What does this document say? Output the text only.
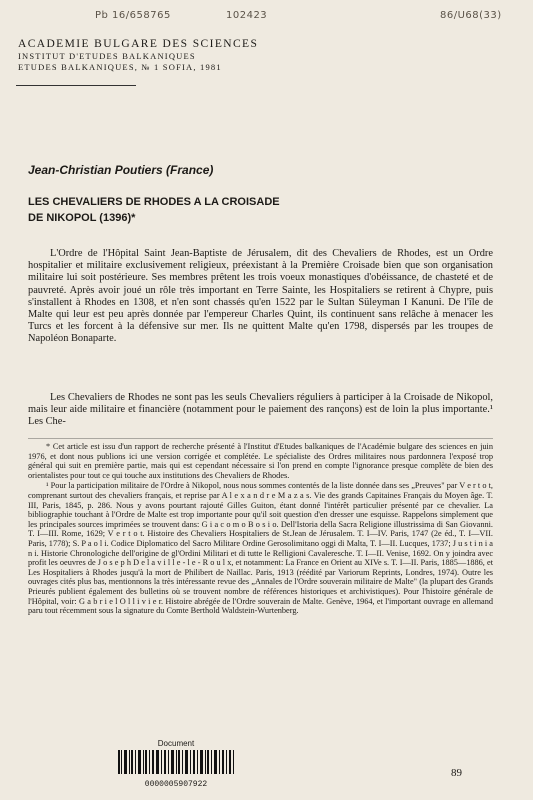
Pb 16/658765	102423	86/U68(33)
ACADEMIE BULGARE DES SCIENCES
INSTITUT D'ETUDES BALKANIQUES
ETUDES BALKANIQUES, № 1 SOFIA, 1981
Jean-Christian Poutiers (France)
LES CHEVALIERS DE RHODES A LA CROISADE
DE NIKOPOL (1396)*

L'Ordre de l'Hôpital Saint Jean-Baptiste de Jérusalem, dit des Chevaliers de Rhodes, est un Ordre hospitalier et militaire exclusivement religieux, préexistant à la Première Croisade bien que son organisation militaire lui soit postérieure. Ses membres prêtent les trois voeux monastiques d'obéissance, de chasteté et de pauvreté. Après avoir joué un rôle très important en Terre Sainte, les Hospitaliers se retirent à Chypre, puis s'installent à Rhodes en 1308, et n'en sont chassés qu'en 1522 par le Sultan Süleyman I Kanuni. De l'île de Malte qui leur est peu après donnée par l'empereur Charles Quint, ils continuent sans relâche à menacer les Turcs et les forcent à la défensive sur mer. Ils ne quittent Malte qu'en 1798, dispersés par les troupes de Napoléon Bonaparte.

Les Chevaliers de Rhodes ne sont pas les seuls Chevaliers réguliers à participer à la Croisade de Nikopol, mais leur aide militaire et financière (notamment pour le paiement des rançons) est de loin la plus importante.¹ Les Che-

* Cet article est issu d'un rapport de recherche présenté à l'Institut d'Etudes balkaniques de l'Académie bulgare des sciences en juin 1976, et dont nous publions ici une version corrigée et complétée. Le spécialiste des Ordres militaires nous pardonnera l'exposé trop général qui suit en première partie, mais qui est cependant nécessaire si l'on prend en compte l'ignorance presque complète de bien des orientalistes pour tout ce qui touche aux institutions des Chevaliers de Rhodes.

¹ Pour la participation militaire de l'Ordre à Nikopol, nous nous sommes contentés de la liste donnée dans ses „Preuves" par V e r t o t, comprenant surtout des chevaliers français, et reprise par A l e x a n d r e M a z a s. Vie des grands Capitaines Français du Moyen âge. T. III, Paris, 1845, p. 286. Nous y avons pourtant rajouté Gilles Guiton, étant donné l'intérêt particulier présenté par ce chevalier. La bibliographie touchant à l'Ordre de Malte est trop importante pour qu'il soit question d'en dresser une esquisse. Rappelons simplement que les principales sources imprimées se trouvent dans: G i a c o m o B o s i o. Dell'Istoria della Sacra Religione illustrissima di San Giovanni. T. I—III. Rome, 1629; V e r t o t. Histoire des Chevaliers Hospitaliers de St.Jean de Jérusalem. T. I—IV. Paris, 1747 (2e éd., T. I—VII. Paris, 1778); S. P a o l i. Codice Diplomatico del Sacro Militare Ordine Gerosolimitano oggi di Malta, T. I—II. Lucques, 1737; J u s t i n i a n i. Historie Chronologiche dell'origine de gl'Ordini Militari et di tutte le Relligioni Cavaleresche. T. I—II. Venise, 1692. On y joindra avec profit les oeuvres de J o s e p h D e l a v i l l e - l e - R o u l x, et notamment: La France en Orient au XIVe s. T. I—II. Paris, 1885—1886, et Les Hospitaliers à Rhodes jusqu'à la mort de Philibert de Naillac. Paris, 1913 (réédité par Variorum Reprints, Londres, 1974). Outre les ouvrages cités plus bas, mentionnons la très intéressante revue des „Annales de l'Ordre souverain militaire de Malte" (la plupart des Grands Prieurés publient également des bulletins où se trouvent nombre de références historiques et archivistiques). Pour l'histoire générale de l'Hôpital, voir: G a b r i e l O l l i v i e r. Histoire abrégée de l'Ordre souverain de Malte. Genève, 1964, et l'important ouvrage en allemand paru tout récemment sous la signature du Comte Berthold Waldstein-Wurtenberg.

Document
0000005907922
89
